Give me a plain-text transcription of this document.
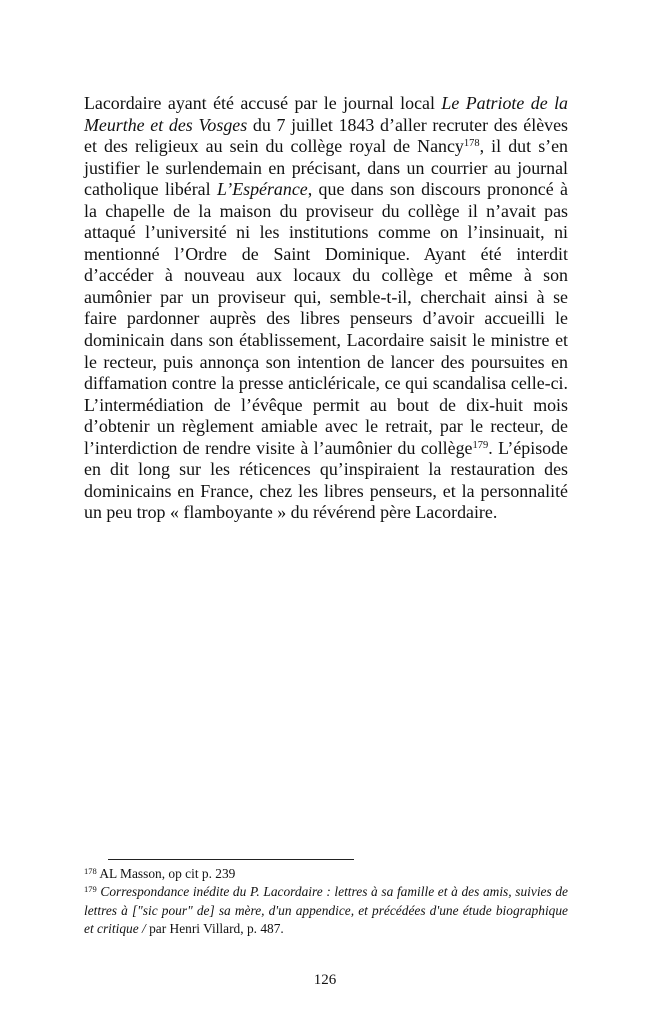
Lacordaire ayant été accusé par le journal local Le Patriote de la Meurthe et des Vosges du 7 juillet 1843 d’aller recruter des élèves et des religieux au sein du collège royal de Nancy$^{178}$, il dut s’en justifier le surlendemain en précisant, dans un courrier au journal catholique libéral L’Espérance, que dans son discours prononcé à la chapelle de la maison du proviseur du collège il n’avait pas attaqué l’université ni les institutions comme on l’insinuait, ni mentionné l’Ordre de Saint Dominique. Ayant été interdit d’accéder à nouveau aux locaux du collège et même à son aumônier par un proviseur qui, semble-t-il, cherchait ainsi à se faire pardonner auprès des libres penseurs d’avoir accueilli le dominicain dans son établissement, Lacordaire saisit le ministre et le recteur, puis annonça son intention de lancer des poursuites en diffamation contre la presse anticléricale, ce qui scandalisa celle-ci. L’intermédiation de l’évêque permit au bout de dix-huit mois d’obtenir un règlement amiable avec le retrait, par le recteur, de l’interdiction de rendre visite à l’aumônier du collège$^{179}$. L’épisode en dit long sur les réticences qu’inspiraient la restauration des dominicains en France, chez les libres penseurs, et la personnalité un peu trop « flamboyante » du révérend père Lacordaire.

$^{178}$ AL Masson, op cit p. 239

$^{179}$ Correspondance inédite du P. Lacordaire : lettres à sa famille et à des amis, suivies de lettres à ["sic pour" de] sa mère, d'un appendice, et précédées d'une étude biographique et critique / par Henri Villard, p. 487.

126
